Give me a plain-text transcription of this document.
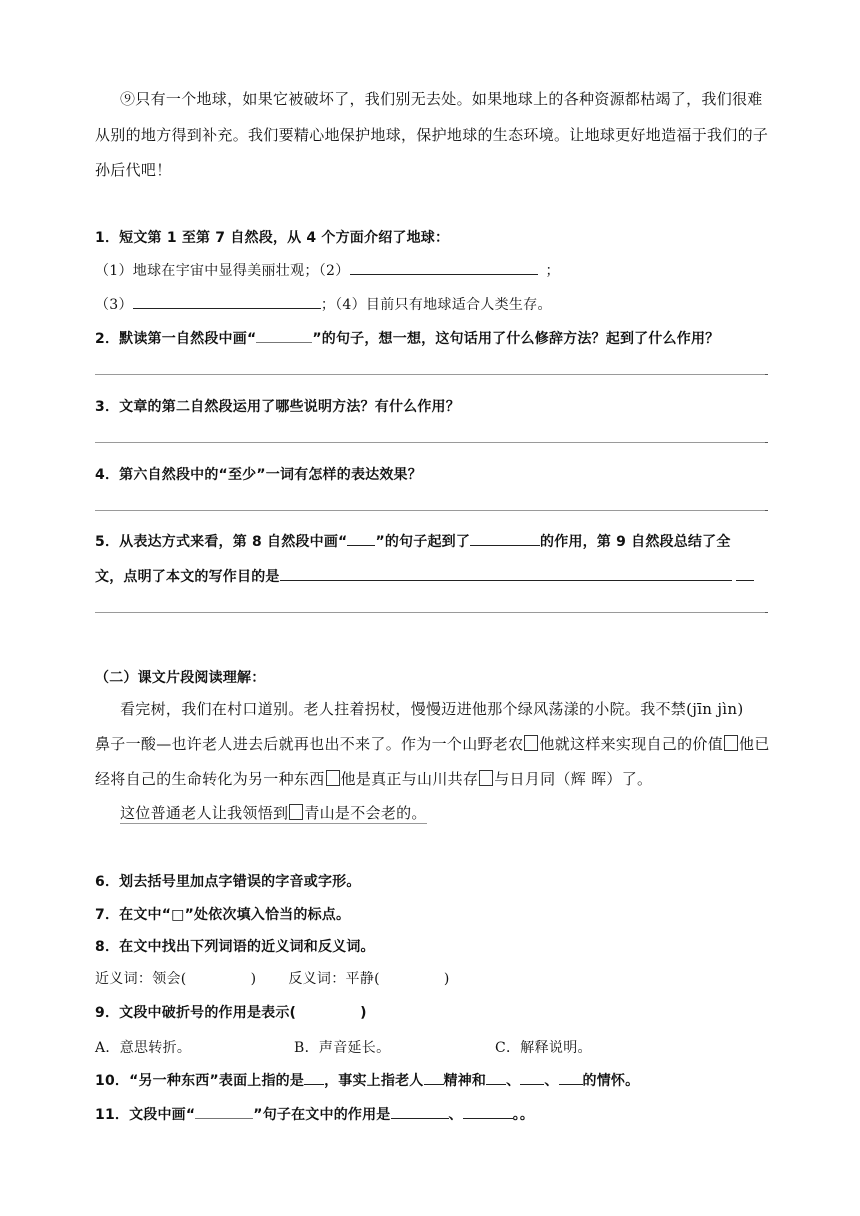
⑨只有一个地球，如果它被破坏了，我们别无去处。如果地球上的各种资源都枯竭了，我们很难
从别的地方得到补充。我们要精心地保护地球，保护地球的生态环境。让地球更好地造福于我们的子
孙后代吧！
1．短文第 1 至第 7 自然段，从 4 个方面介绍了地球：
（1）地球在宇宙中显得美丽壮观；（2）	；
（3）	；（4）目前只有地球适合人类生存。
2．默读第一自然段中画“	”的句子，想一想，这句话用了什么修辞方法？起到了什么作用？
3．文章的第二自然段运用了哪些说明方法？有什么作用？
4．第六自然段中的“至少”一词有怎样的表达效果？
5．从表达方式来看，第 8 自然段中画“ ”的句子起到了	的作用，第 9 自然段总结了全
文，点明了本文的写作目的是
（二）课文片段阅读理解：
看完树，我们在村口道别。老人拄着拐杖，慢慢迈进他那个绿风荡漾的小院。我不禁(jīn jìn)
鼻子一酸—也许老人进去后就再也出不来了。作为一个山野老农 他就这样来实现自己的价值 他已
经将自己的生命转化为另一种东西 他是真正与山川共存 与日月同（辉 晖）了。
这位普通老人让我领悟到 青山是不会老的。
6．划去括号里加点字错误的字音或字形。
7．在文中“□”处依次填入恰当的标点。
8．在文中找出下列词语的近义词和反义词。
近义词：领会(	) 反义词：平静(	)
9．文段中破折号的作用是表示(	)
A．意思转折。	B．声音延长。	C．解释说明。
10．“另一种东西”表面上指的是 ，事实上指老人 精神和 、 、 的情怀。
11．文段中画“	”句子在文中的作用是	、	。。
